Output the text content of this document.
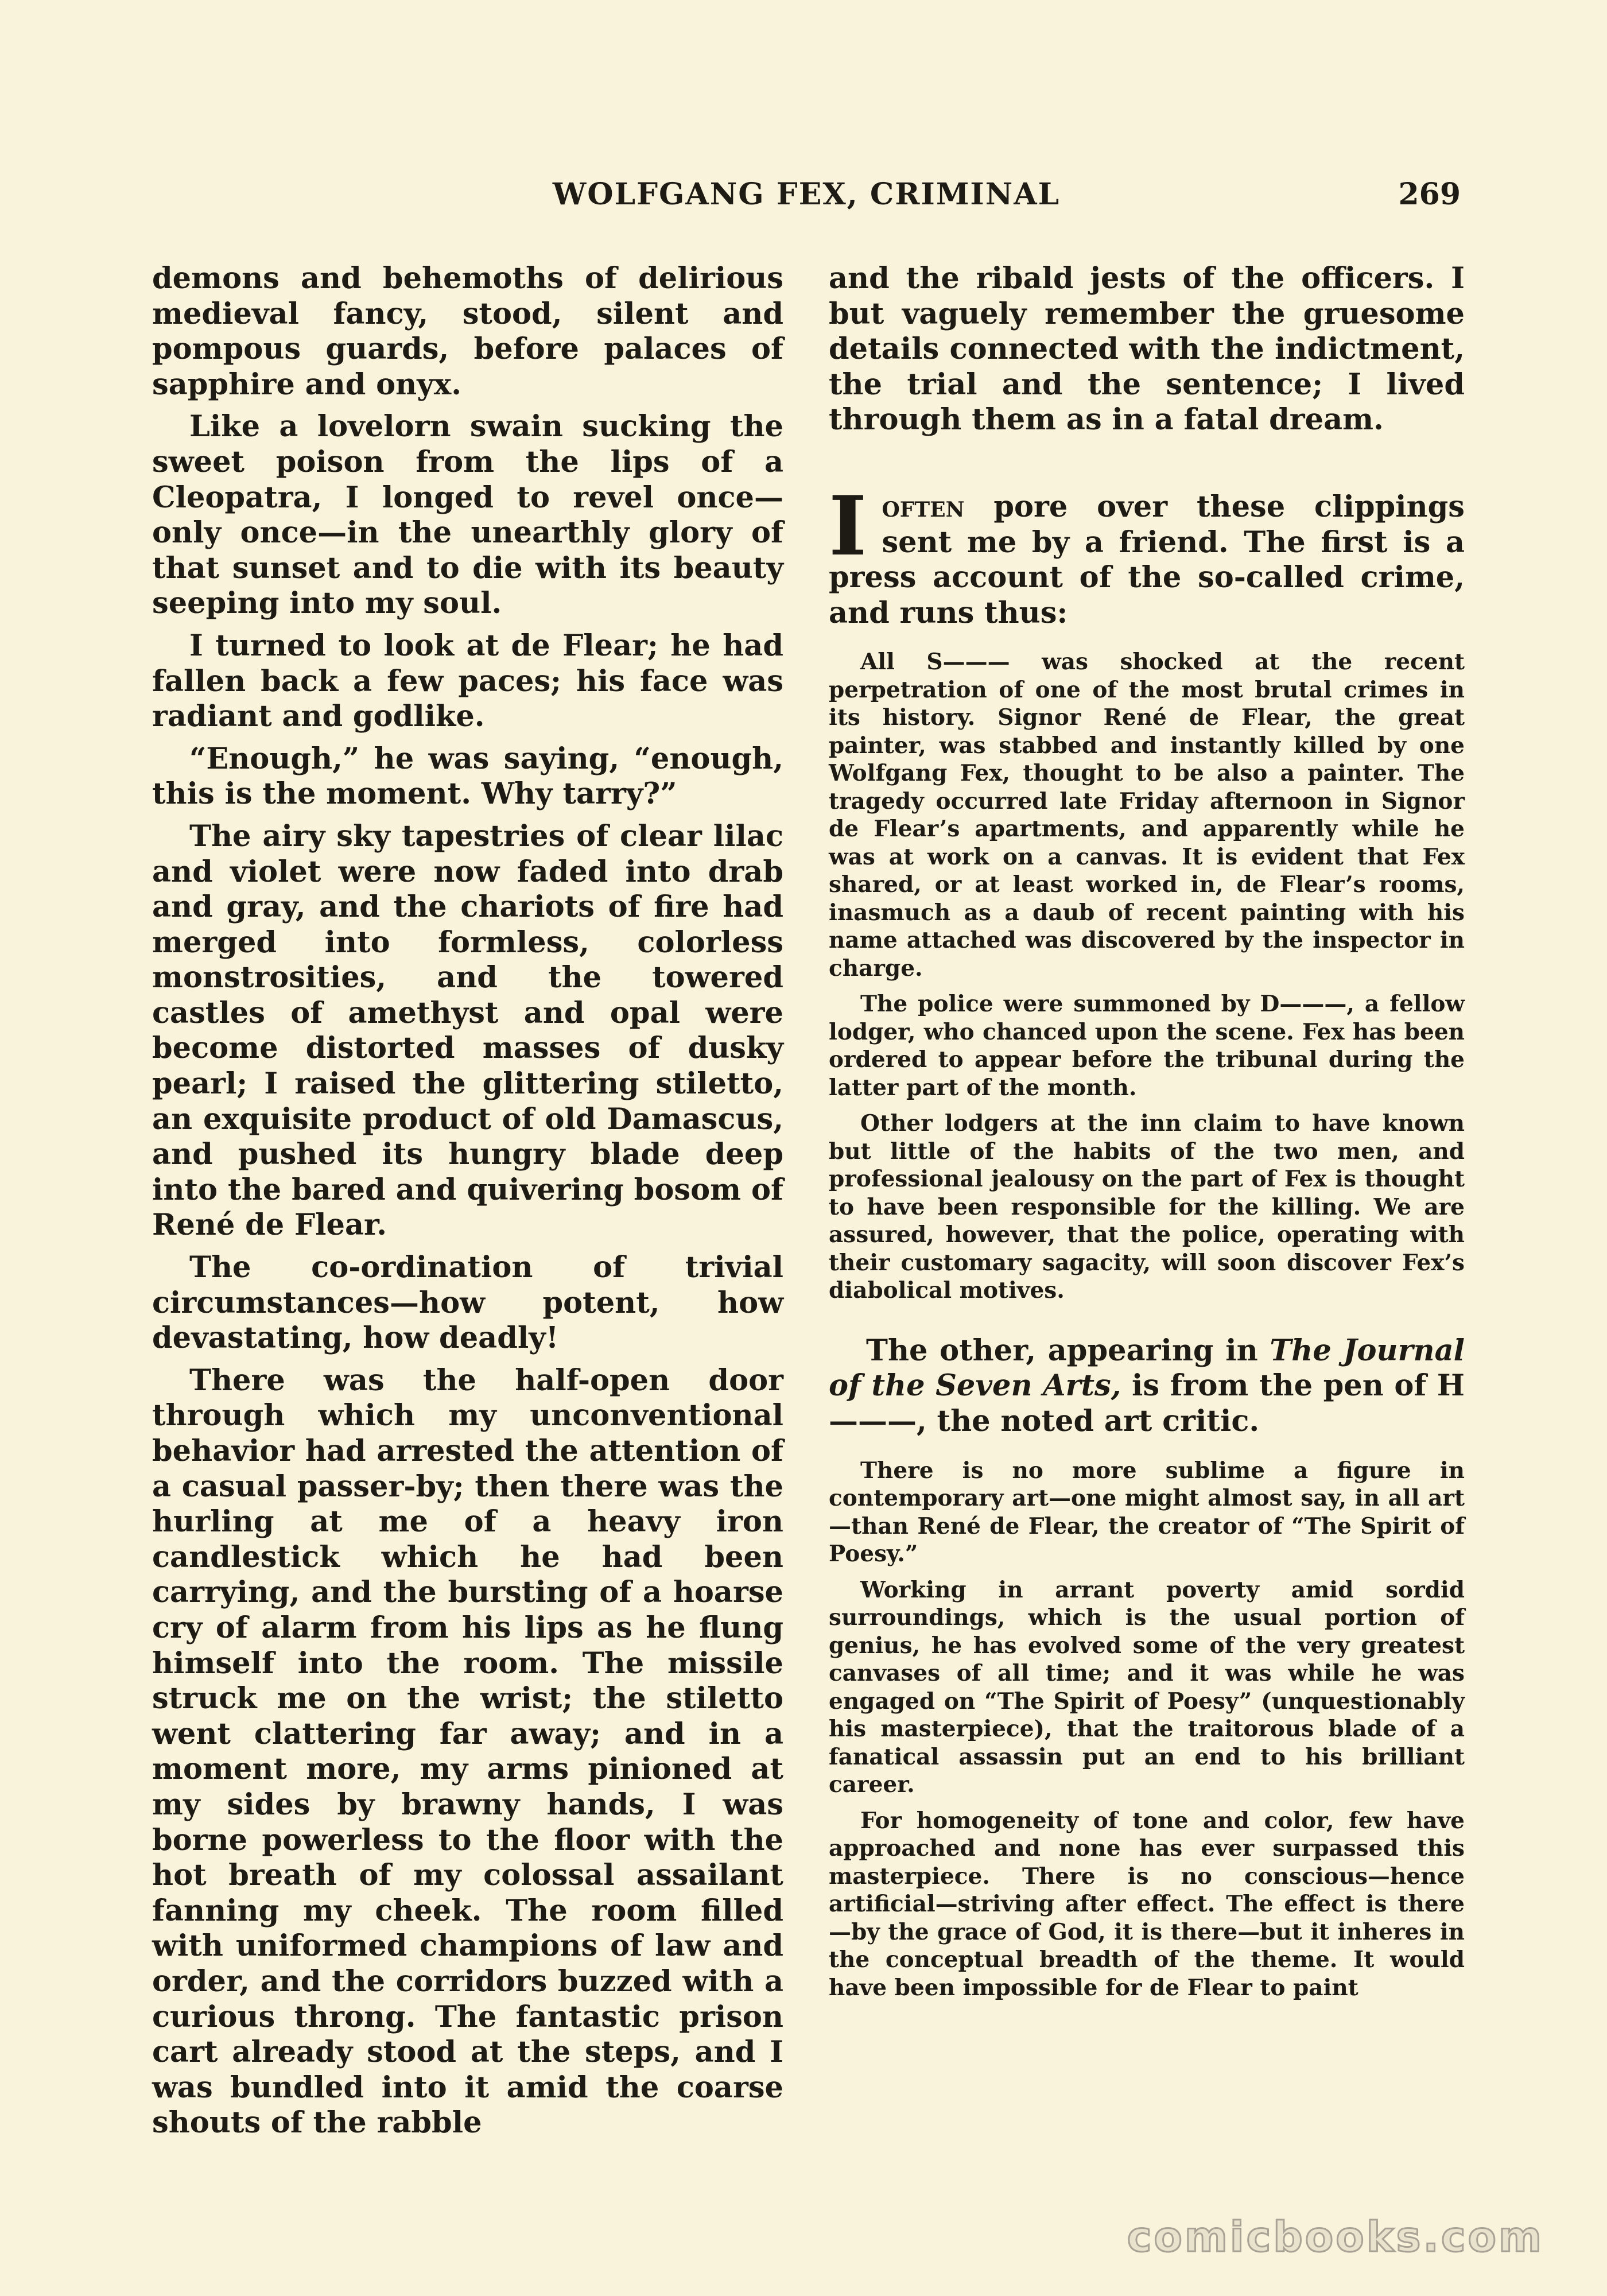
WOLFGANG FEX, CRIMINAL	269

demons and behemoths of delirious medieval fancy, stood, silent and pompous guards, before palaces of sapphire and onyx.

Like a lovelorn swain sucking the sweet poison from the lips of a Cleopatra, I longed to revel once—only once—in the unearthly glory of that sunset and to die with its beauty seeping into my soul.

I turned to look at de Flear; he had fallen back a few paces; his face was radiant and godlike.

“Enough,” he was saying, “enough, this is the moment. Why tarry?”

The airy sky tapestries of clear lilac and violet were now faded into drab and gray, and the chariots of fire had merged into formless, colorless monstrosities, and the towered castles of amethyst and opal were become distorted masses of dusky pearl; I raised the glittering stiletto, an exquisite product of old Damascus, and pushed its hungry blade deep into the bared and quivering bosom of René de Flear.

The co-ordination of trivial circumstances—how potent, how devastating, how deadly!

There was the half-open door through which my unconventional behavior had arrested the attention of a casual passer-by; then there was the hurling at me of a heavy iron candlestick which he had been carrying, and the bursting of a hoarse cry of alarm from his lips as he flung himself into the room. The missile struck me on the wrist; the stiletto went clattering far away; and in a moment more, my arms pinioned at my sides by brawny hands, I was borne powerless to the floor with the hot breath of my colossal assailant fanning my cheek. The room filled with uniformed champions of law and order, and the corridors buzzed with a curious throng. The fantastic prison cart already stood at the steps, and I was bundled into it amid the coarse shouts of the rabble

and the ribald jests of the officers. I but vaguely remember the gruesome details connected with the indictment, the trial and the sentence; I lived through them as in a fatal dream.

Ioften pore over these clippings sent me by a friend. The first is a press account of the so-called crime, and runs thus:

All S——— was shocked at the recent perpetration of one of the most brutal crimes in its history. Signor René de Flear, the great painter, was stabbed and instantly killed by one Wolfgang Fex, thought to be also a painter. The tragedy occurred late Friday afternoon in Signor de Flear’s apartments, and apparently while he was at work on a canvas. It is evident that Fex shared, or at least worked in, de Flear’s rooms, inasmuch as a daub of recent painting with his name attached was discovered by the inspector in charge.

The police were summoned by D———, a fellow lodger, who chanced upon the scene. Fex has been ordered to appear before the tribunal during the latter part of the month.

Other lodgers at the inn claim to have known but little of the habits of the two men, and professional jealousy on the part of Fex is thought to have been responsible for the killing. We are assured, however, that the police, operating with their customary sagacity, will soon discover Fex’s diabolical motives.

The other, appearing in The Journal of the Seven Arts, is from the pen of H———, the noted art critic.

There is no more sublime a figure in contemporary art—one might almost say, in all art—than René de Flear, the creator of “The Spirit of Poesy.”

Working in arrant poverty amid sordid surroundings, which is the usual portion of genius, he has evolved some of the very greatest canvases of all time; and it was while he was engaged on “The Spirit of Poesy” (unquestionably his masterpiece), that the traitorous blade of a fanatical assassin put an end to his brilliant career.

For homogeneity of tone and color, few have approached and none has ever surpassed this masterpiece. There is no conscious—hence artificial—striving after effect. The effect is there—by the grace of God, it is there—but it inheres in the conceptual breadth of the theme. It would have been impossible for de Flear to paint

comicbooks.com
